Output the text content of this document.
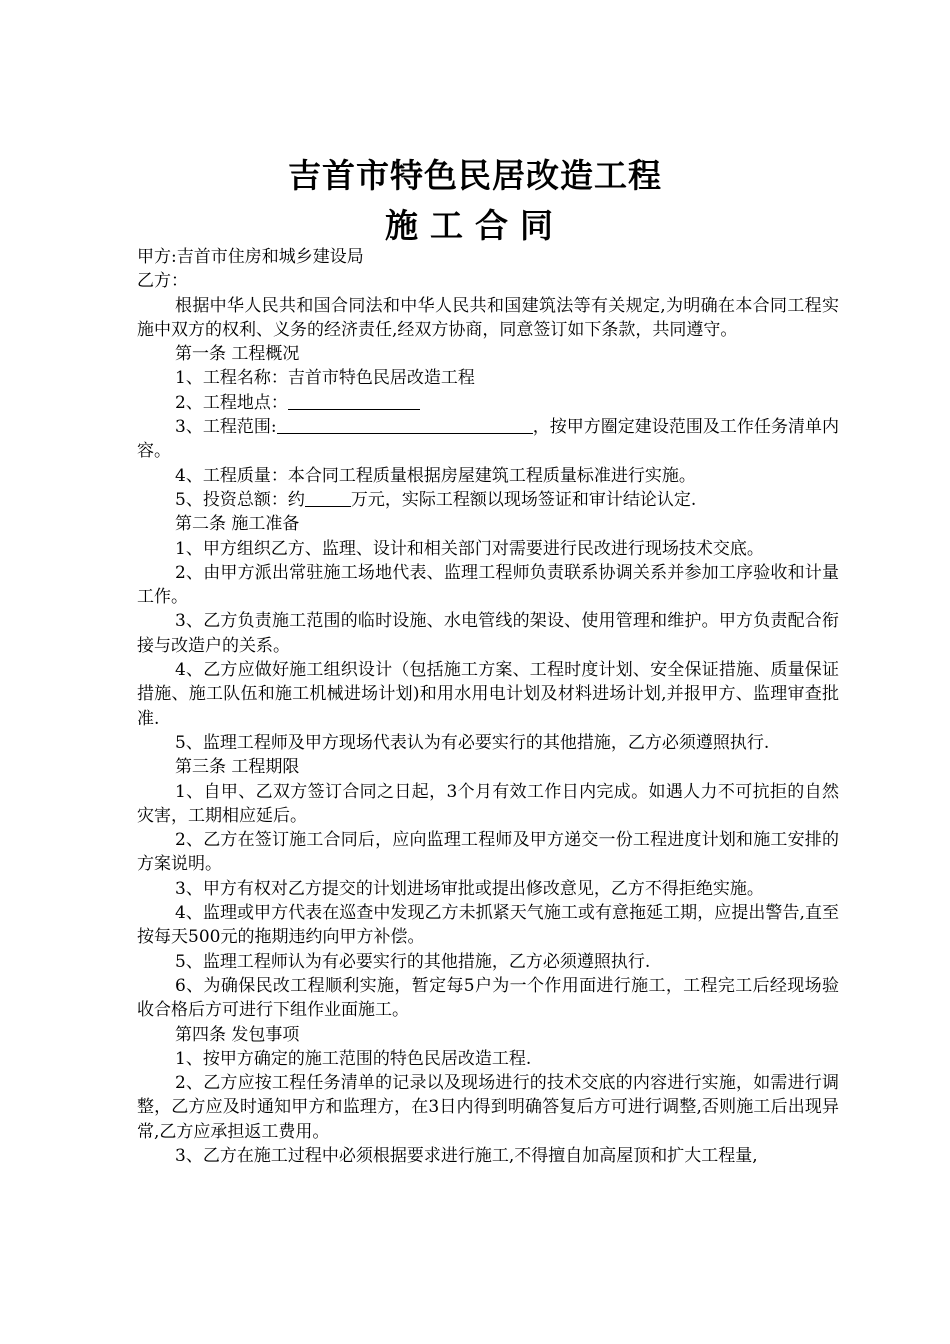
吉首市特色民居改造工程
施工合同

甲方:吉首市住房和城乡建设局

乙方：

根据中华人民共和国合同法和中华人民共和国建筑法等有关规定,为明确在本合同工程实施中双方的权利、义务的经济责任,经双方协商，同意签订如下条款，共同遵守。

第一条 工程概况

1、工程名称：吉首市特色民居改造工程

2、工程地点：

3、工程范围:	，按甲方圈定建设范围及工作任务清单内容。

4、工程质量：本合同工程质量根据房屋建筑工程质量标准进行实施。

5、投资总额：约	万元，实际工程额以现场签证和审计结论认定.

第二条 施工准备

1、甲方组织乙方、监理、设计和相关部门对需要进行民改进行现场技术交底。

2、由甲方派出常驻施工场地代表、监理工程师负责联系协调关系并参加工序验收和计量工作。

3、乙方负责施工范围的临时设施、水电管线的架设、使用管理和维护。甲方负责配合衔接与改造户的关系。

4、乙方应做好施工组织设计（包括施工方案、工程时度计划、安全保证措施、质量保证措施、施工队伍和施工机械进场计划)和用水用电计划及材料进场计划,并报甲方、监理审查批准.

5、监理工程师及甲方现场代表认为有必要实行的其他措施，乙方必须遵照执行.

第三条 工程期限

1、自甲、乙双方签订合同之日起，3个月有效工作日内完成。如遇人力不可抗拒的自然灾害，工期相应延后。

2、乙方在签订施工合同后，应向监理工程师及甲方递交一份工程进度计划和施工安排的方案说明。

3、甲方有权对乙方提交的计划进场审批或提出修改意见，乙方不得拒绝实施。

4、监理或甲方代表在巡查中发现乙方未抓紧天气施工或有意拖延工期，应提出警告,直至按每天500元的拖期违约向甲方补偿。

5、监理工程师认为有必要实行的其他措施，乙方必须遵照执行.

6、为确保民改工程顺利实施，暂定每5户为一个作用面进行施工，工程完工后经现场验收合格后方可进行下组作业面施工。

第四条 发包事项

1、按甲方确定的施工范围的特色民居改造工程.

2、乙方应按工程任务清单的记录以及现场进行的技术交底的内容进行实施，如需进行调整，乙方应及时通知甲方和监理方，在3日内得到明确答复后方可进行调整,否则施工后出现异常,乙方应承担返工费用。

3、乙方在施工过程中必须根据要求进行施工,不得擅自加高屋顶和扩大工程量,
